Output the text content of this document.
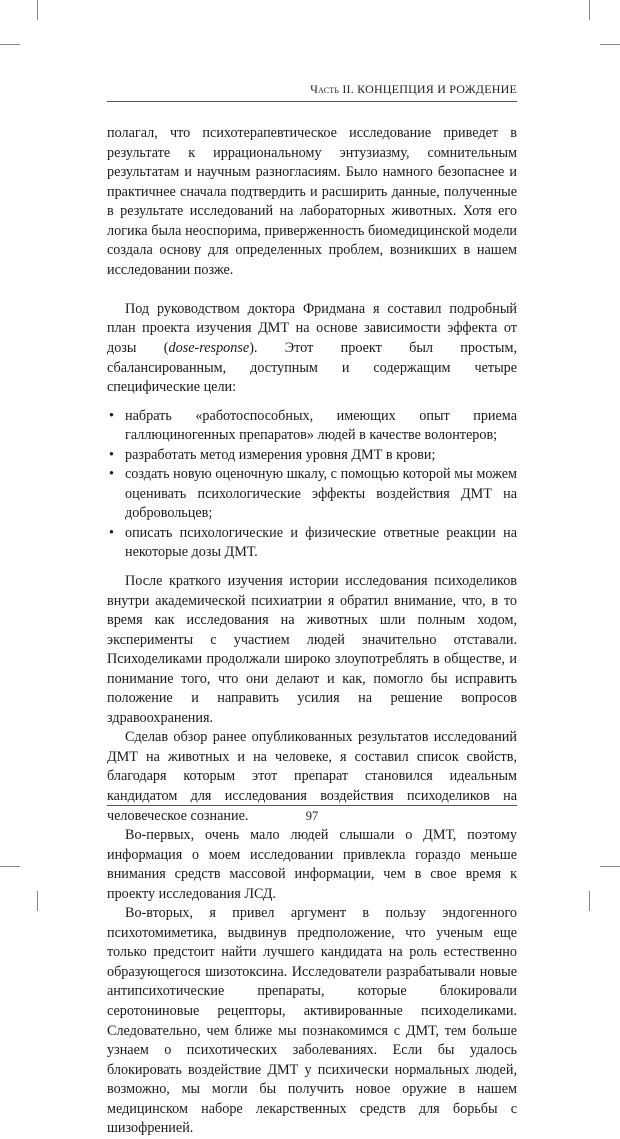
Часть II. КОНЦЕПЦИЯ И РОЖДЕНИЕ

полагал, что психотерапевтическое исследование приведет в результате к иррациональному энтузиазму, сомнительным результатам и научным разногласиям. Было намного безопаснее и практичнее сначала подтвердить и расширить данные, полученные в результате исследований на лабораторных животных. Хотя его логика была неоспорима, приверженность биомедицинской модели создала основу для определенных проблем, возникших в нашем исследовании позже.

Под руководством доктора Фридмана я составил подробный план проекта изучения ДМТ на основе зависимости эффекта от дозы (dose-response). Этот проект был простым, сбалансированным, доступным и содержащим четыре специфические цели:

• набрать «работоспособных, имеющих опыт приема галлюциногенных препаратов» людей в качестве волонтеров;
• разработать метод измерения уровня ДМТ в крови;
• создать новую оценочную шкалу, с помощью которой мы можем оценивать психологические эффекты воздействия ДМТ на добровольцев;
• описать психологические и физические ответные реакции на некоторые дозы ДМТ.

После краткого изучения истории исследования психоделиков внутри академической психиатрии я обратил внимание, что, в то время как исследования на животных шли полным ходом, эксперименты с участием людей значительно отставали. Психоделиками продолжали широко злоупотреблять в обществе, и понимание того, что они делают и как, помогло бы исправить положение и направить усилия на решение вопросов здравоохранения.

Сделав обзор ранее опубликованных результатов исследований ДМТ на животных и на человеке, я составил список свойств, благодаря которым этот препарат становился идеальным кандидатом для исследования воздействия психоделиков на человеческое сознание.

Во-первых, очень мало людей слышали о ДМТ, поэтому информация о моем исследовании привлекла гораздо меньше внимания средств массовой информации, чем в свое время к проекту исследования ЛСД.

Во-вторых, я привел аргумент в пользу эндогенного психотомиметика, выдвинув предположение, что ученым еще только предстоит найти лучшего кандидата на роль естественно образующегося шизотоксина. Исследователи разрабатывали новые антипсихотические препараты, которые блокировали серотониновые рецепторы, активированные психоделиками. Следовательно, чем ближе мы познакомимся с ДМТ, тем больше узнаем о психотических заболеваниях. Если бы удалось блокировать воздействие ДМТ у психически нормальных людей, возможно, мы могли бы получить новое оружие в нашем медицинском наборе лекарственных средств для борьбы с шизофренией.

97
